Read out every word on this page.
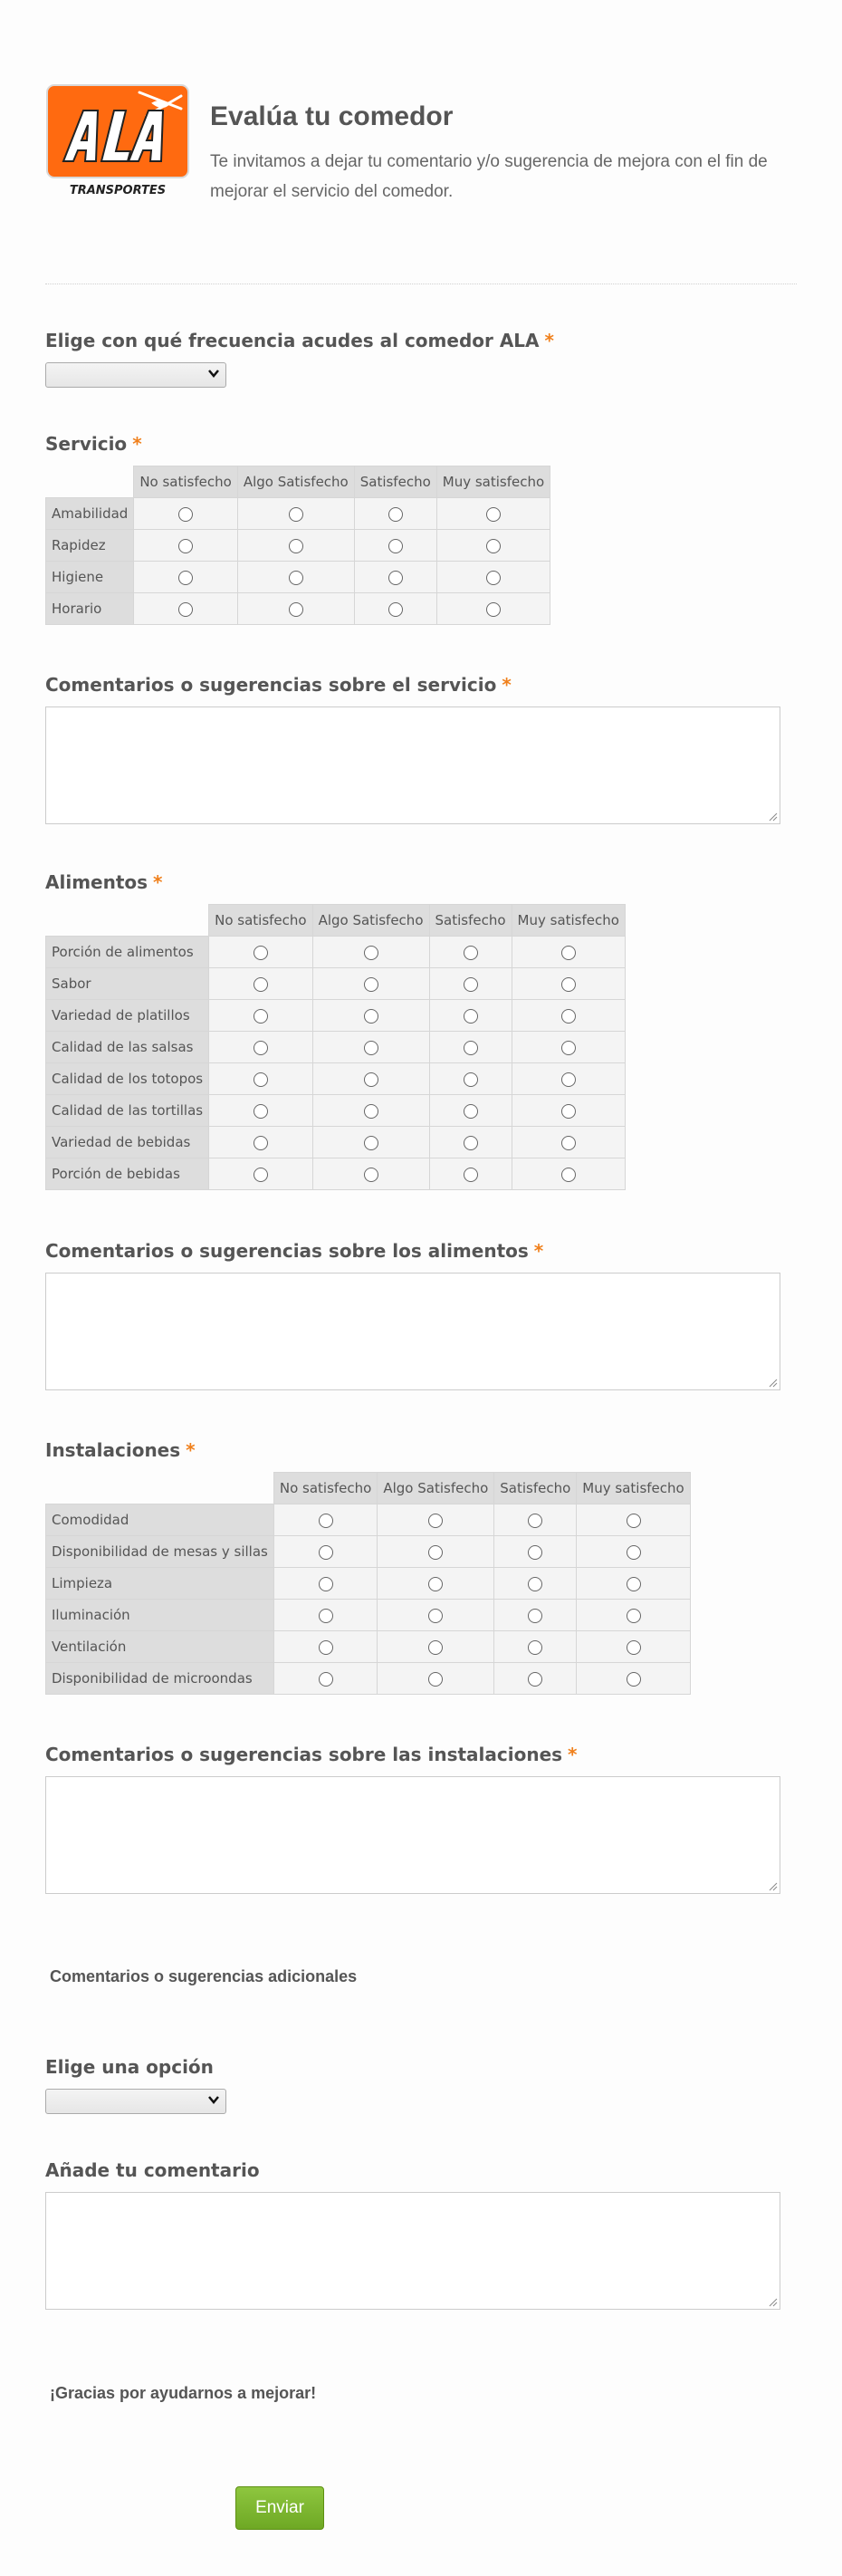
TRANSPORTES
Evalúa tu comedor
Te invitamos a dejar tu comentario y/o sugerencia de mejora con el fin de mejorar el servicio del comedor.
Elige con qué frecuencia acudes al comedor ALA *
Servicio *
	No satisfecho	Algo Satisfecho	Satisfecho	Muy satisfecho
Amabilidad				
Rapidez				
Higiene				
Horario				
Comentarios o sugerencias sobre el servicio *
Alimentos *
	No satisfecho	Algo Satisfecho	Satisfecho	Muy satisfecho
Porción de alimentos				
Sabor				
Variedad de platillos				
Calidad de las salsas				
Calidad de los totopos				
Calidad de las tortillas				
Variedad de bebidas				
Porción de bebidas				
Comentarios o sugerencias sobre los alimentos *
Instalaciones *
	No satisfecho	Algo Satisfecho	Satisfecho	Muy satisfecho
Comodidad				
Disponibilidad de mesas y sillas				
Limpieza				
Iluminación				
Ventilación				
Disponibilidad de microondas				
Comentarios o sugerencias sobre las instalaciones *
Comentarios o sugerencias adicionales
Elige una opción
Añade tu comentario
¡Gracias por ayudarnos a mejorar!
Enviar
